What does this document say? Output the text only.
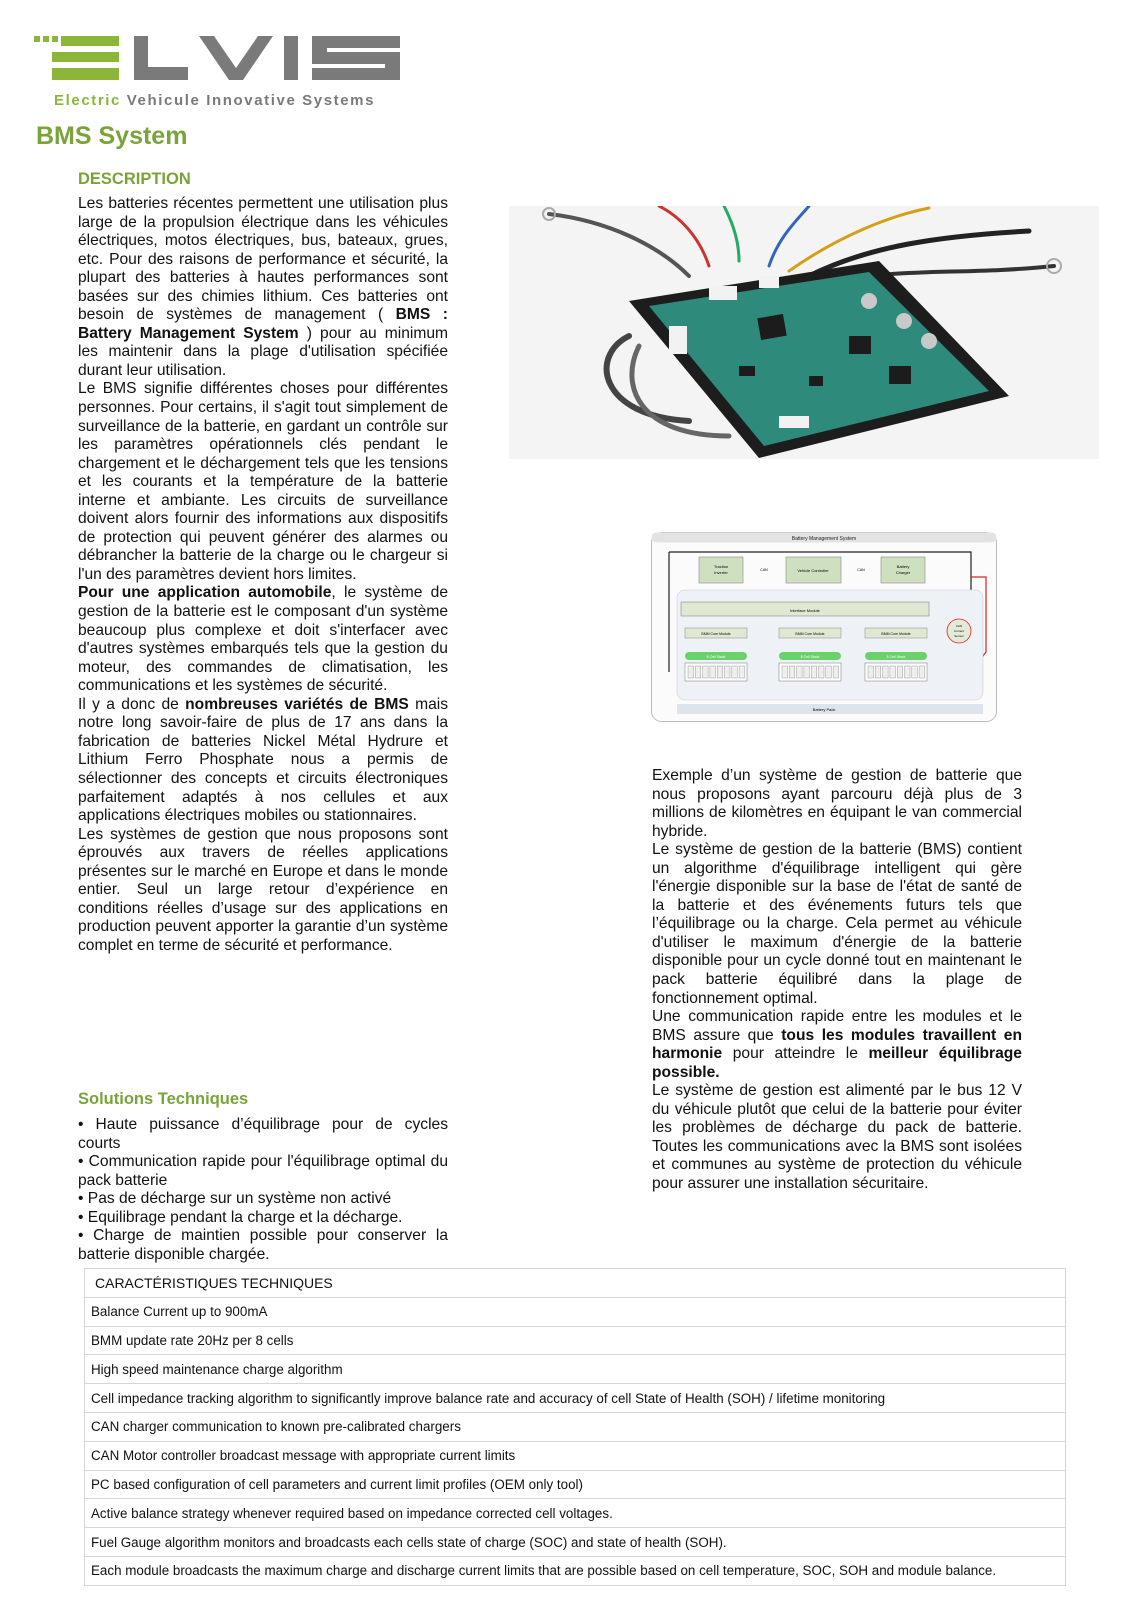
Electric Vehicule Innovative Systems
BMS System
DESCRIPTION

Les batteries récentes permettent une utilisation plus large de la propulsion électrique dans les véhicules électriques, motos électriques, bus, bateaux, grues, etc. Pour des raisons de performance et sécurité, la plupart des batteries à hautes performances sont basées sur des chimies lithium. Ces batteries ont besoin de systèmes de management ( BMS : Battery Management System ) pour au minimum les maintenir dans la plage d'utilisation spécifiée durant leur utilisation.

Le BMS signifie différentes choses pour différentes personnes. Pour certains, il s'agit tout simplement de surveillance de la batterie, en gardant un contrôle sur les paramètres opérationnels clés pendant le chargement et le déchargement tels que les tensions et les courants et la température de la batterie interne et ambiante. Les circuits de surveillance doivent alors fournir des informations aux dispositifs de protection qui peuvent générer des alarmes ou débrancher la batterie de la charge ou le chargeur si l'un des paramètres devient hors limites.

Pour une application automobile, le système de gestion de la batterie est le composant d'un système beaucoup plus complexe et doit s'interfacer avec d'autres systèmes embarqués tels que la gestion du moteur, des commandes de climatisation, les communications et les systèmes de sécurité.

Il y a donc de nombreuses variétés de BMS mais notre long savoir-faire de plus de 17 ans dans la fabrication de batteries Nickel Métal Hydrure et Lithium Ferro Phosphate nous a permis de sélectionner des concepts et circuits électroniques parfaitement adaptés à nos cellules et aux applications électriques mobiles ou stationnaires.

Les systèmes de gestion que nous proposons sont éprouvés aux travers de réelles applications présentes sur le marché en Europe et dans le monde entier. Seul un large retour d’expérience en conditions réelles d’usage sur des applications en production peuvent apporter la garantie d’un système complet en terme de sécurité et performance.

Solutions Techniques
• Haute puissance d’équilibrage pour de cycles courts
• Communication rapide pour l'équilibrage optimal du pack batterie
• Pas de décharge sur un système non activé
• Equilibrage pendant la charge et la décharge.
• Charge de maintien possible pour conserver la batterie disponible chargée.
Battery Management System
Traction
Inverter	Vehicle Controller
Battery
Charger
CAN	CAN
Interface Module
BMM Core Module	BMM Core Module	BMM Core Module
8 Cell Stack	8 Cell Stack	8 Cell Stack
CAN
Current
Sensor
Battery Pack

Exemple d’un système de gestion de batterie que nous proposons ayant parcouru déjà plus de 3 millions de kilomètres en équipant le van commercial hybride.

Le système de gestion de la batterie (BMS) contient un algorithme d'équilibrage intelligent qui gère l'énergie disponible sur la base de l'état de santé de la batterie et des événements futurs tels que l’équilibrage ou la charge. Cela permet au véhicule d'utiliser le maximum d'énergie de la batterie disponible pour un cycle donné tout en maintenant le pack batterie équilibré dans la plage de fonctionnement optimal.

Une communication rapide entre les modules et le BMS assure que tous les modules travaillent en harmonie pour atteindre le meilleur équilibrage possible.

Le système de gestion est alimenté par le bus 12 V du véhicule plutôt que celui de la batterie pour éviter les problèmes de décharge du pack de batterie. Toutes les communications avec la BMS sont isolées et communes au système de protection du véhicule pour assurer une installation sécuritaire.

CARACTÉRISTIQUES TECHNIQUES
Balance Current up to 900mA
BMM update rate 20Hz per 8 cells
High speed maintenance charge algorithm
Cell impedance tracking algorithm to significantly improve balance rate and accuracy of cell State of Health (SOH) / lifetime monitoring
CAN charger communication to known pre-calibrated chargers
CAN Motor controller broadcast message with appropriate current limits
PC based configuration of cell parameters and current limit profiles (OEM only tool)
Active balance strategy whenever required based on impedance corrected cell voltages.
Fuel Gauge algorithm monitors and broadcasts each cells state of charge (SOC) and state of health (SOH).
Each module broadcasts the maximum charge and discharge current limits that are possible based on cell temperature, SOC, SOH and module balance.
